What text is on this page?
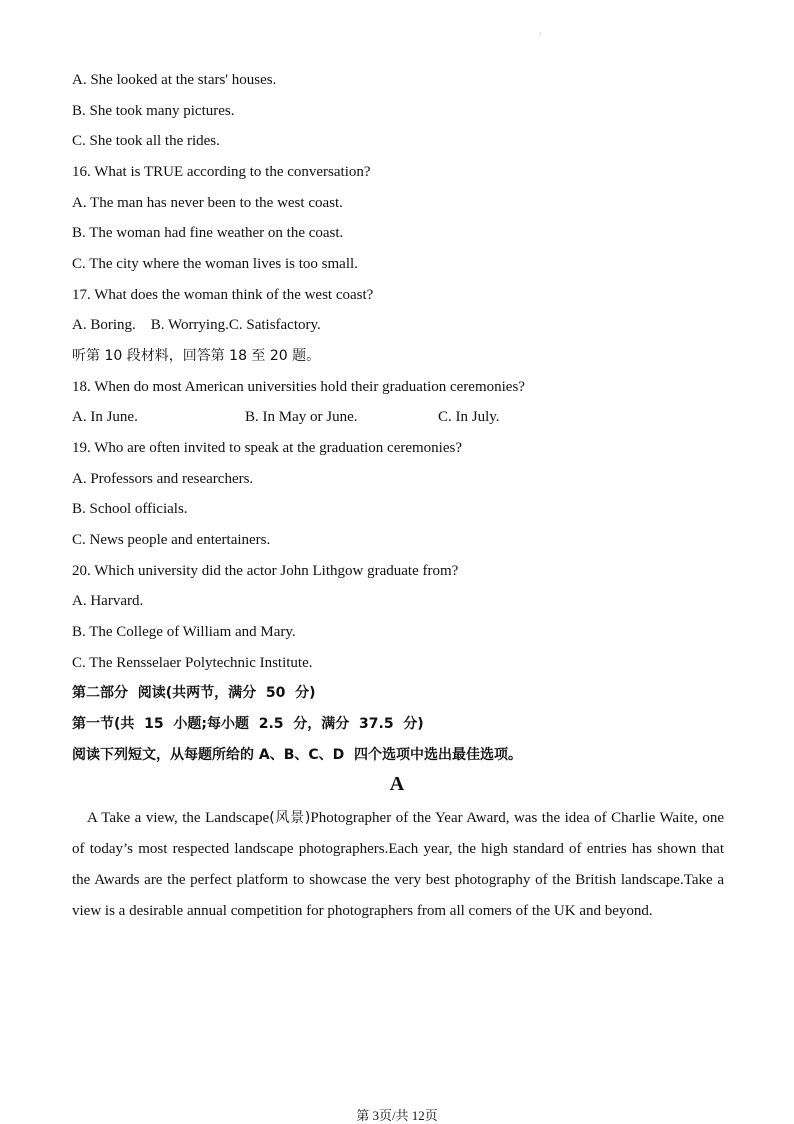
·
A. She looked at the stars' houses.
B. She took many pictures.
C. She took all the rides.
16. What is TRUE according to the conversation?
A. The man has never been to the west coast.
B. The woman had fine weather on the coast.
C. The city where the woman lives is too small.
17. What does the woman think of the west coast?
A. Boring.    B. Worrying.C. Satisfactory.
听第 10 段材料，回答第 18 至 20 题。
18. When do most American universities hold their graduation ceremonies?
A. In June.	B. In May or June.	C. In July.
19. Who are often invited to speak at the graduation ceremonies?
A. Professors and researchers.
B. School officials.
C. News people and entertainers.
20. Which university did the actor John Lithgow graduate from?
A. Harvard.
B. The College of William and Mary.
C. The Rensselaer Polytechnic Institute.
第二部分  阅读(共两节，满分  50  分)
第一节(共  15  小题;每小题  2.5  分，满分  37.5  分)
阅读下列短文，从每题所给的 A、B、C、D  四个选项中选出最佳选项。
A
A Take a view, the Landscape(风景)Photographer of the Year Award, was the idea of Charlie Waite, one of today’s most respected landscape photographers.Each year, the high standard of entries has shown that the Awards are the perfect platform to showcase the very best photography of the British landscape.Take a view is a desirable annual competition for photographers from all comers of the UK and beyond.
第 3页/共 12页
